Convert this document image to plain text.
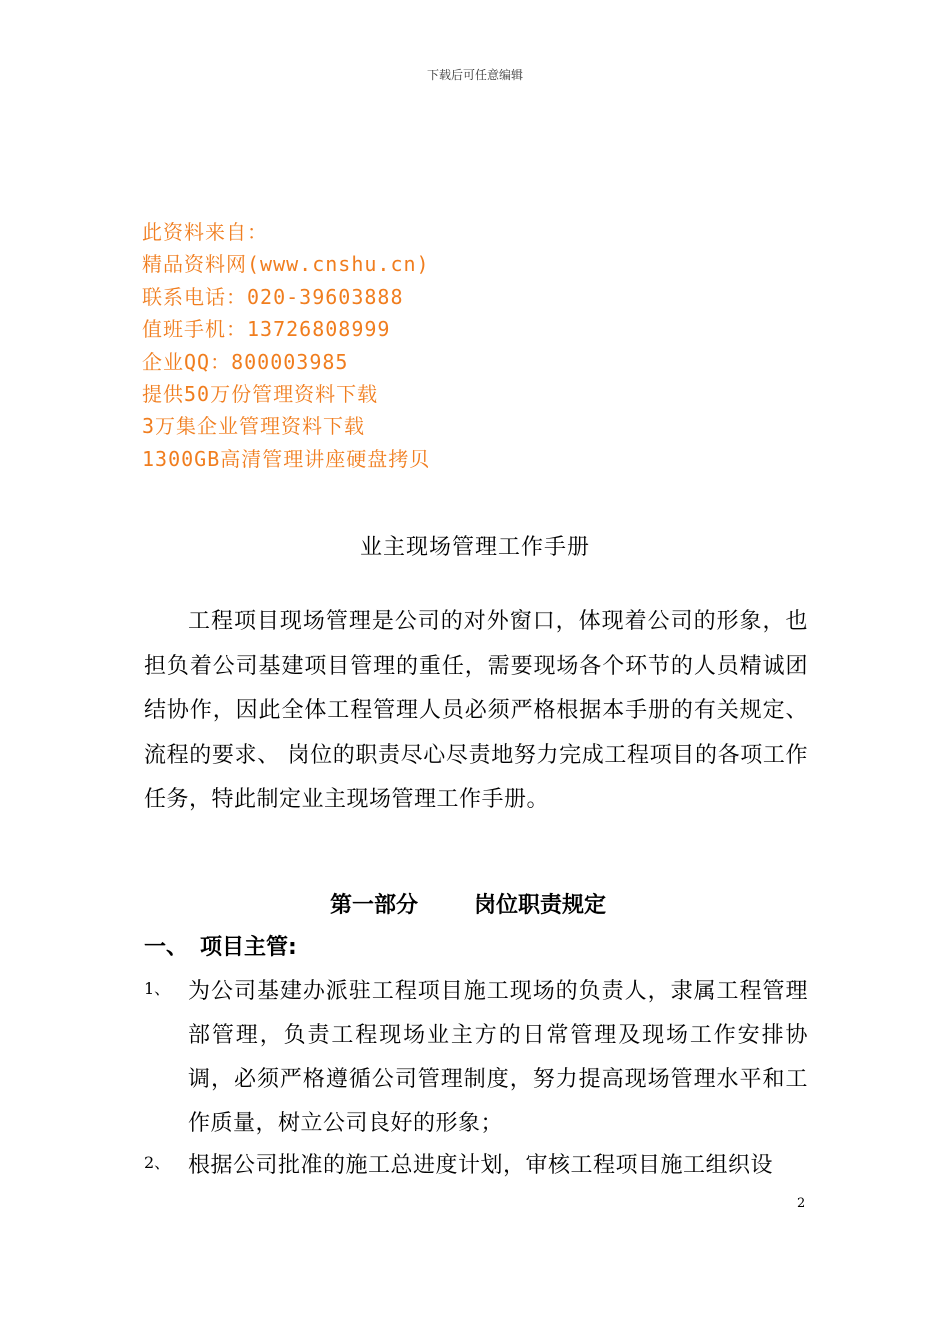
下载后可任意编辑
此资料来自：
精品资料网(www.cnshu.cn)
联系电话：020-39603888
值班手机：13726808999
企业QQ：800003985
提供50万份管理资料下载
3万集企业管理资料下载
1300GB高清管理讲座硬盘拷贝
业主现场管理工作手册

工程项目现场管理是公司的对外窗口，体现着公司的形象，也担负着公司基建项目管理的重任，需要现场各个环节的人员精诚团结协作，因此全体工程管理人员必须严格根据本手册的有关规定、 流程的要求、 岗位的职责尽心尽责地努力完成工程项目的各项工作任务，特此制定业主现场管理工作手册。

第一部分	岗位职责规定
一、 项目主管:
1、 为公司基建办派驻工程项目施工现场的负责人，隶属工程管理部管理，负责工程现场业主方的日常管理及现场工作安排协调，必须严格遵循公司管理制度，努力提高现场管理水平和工作质量，树立公司良好的形象；
2、 根据公司批准的施工总进度计划，审核工程项目施工组织设
2
